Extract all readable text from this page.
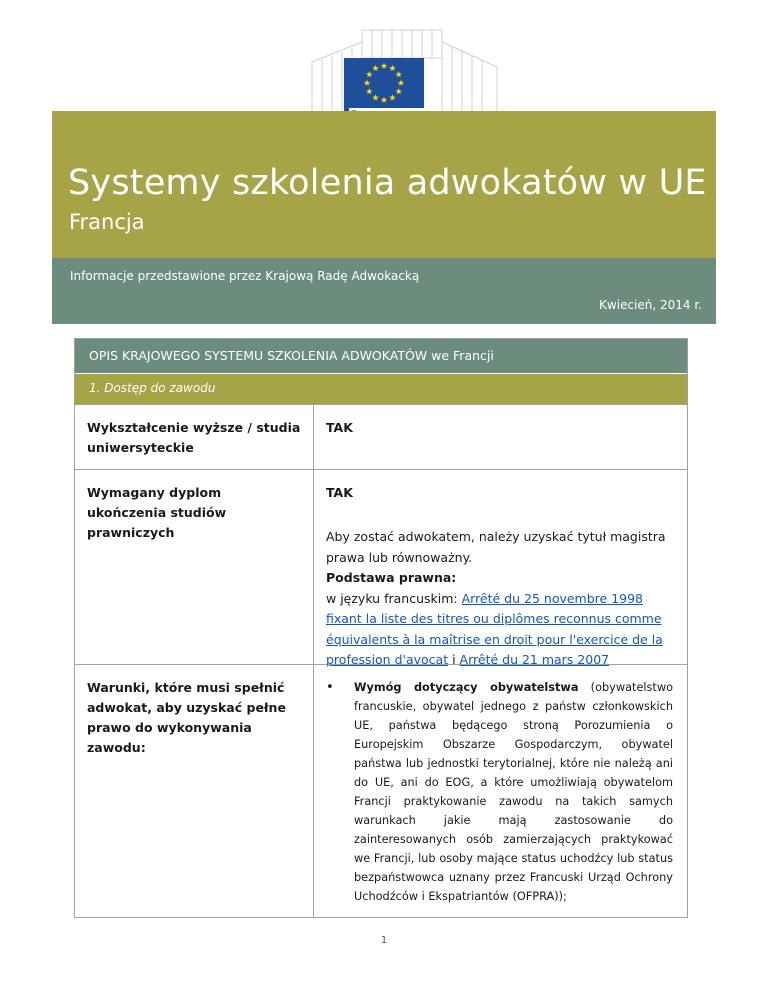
Systemy szkolenia adwokatów w UE
Francja
Informacje przedstawione przez Krajową Radę Adwokacką
Kwiecień, 2014 r.
OPIS KRAJOWEGO SYSTEMU SZKOLENIA ADWOKATÓW we Francji
1. Dostęp do zawodu
Wykształcenie wyższe / studia uniwersyteckie
TAK
Wymagany dyplom ukończenia studiów prawniczych
TAK
Aby zostać adwokatem, należy uzyskać tytuł magistra prawa lub równoważny.
Podstawa prawna:
w języku francuskim: Arrêté du 25 novembre 1998 fixant la liste des titres ou diplômes reconnus comme équivalents à la maîtrise en droit pour l'exercice de la profession d'avocat i Arrêté du 21 mars 2007
Warunki, które musi spełnić adwokat, aby uzyskać pełne prawo do wykonywania zawodu:
•	Wymóg dotyczący obywatelstwa (obywatelstwo francuskie, obywatel jednego z państw członkowskich UE, państwa będącego stroną Porozumienia o Europejskim Obszarze Gospodarczym, obywatel państwa lub jednostki terytorialnej, które nie należą ani do UE, ani do EOG, a które umożliwiają obywatelom Francji praktykowanie zawodu na takich samych warunkach jakie mają zastosowanie do zainteresowanych osób zamierzających praktykować we Francji, lub osoby mające status uchodźcy lub status bezpaństwowca uznany przez Francuski Urząd Ochrony Uchodźców i Ekspatriantów (OFPRA));
1
